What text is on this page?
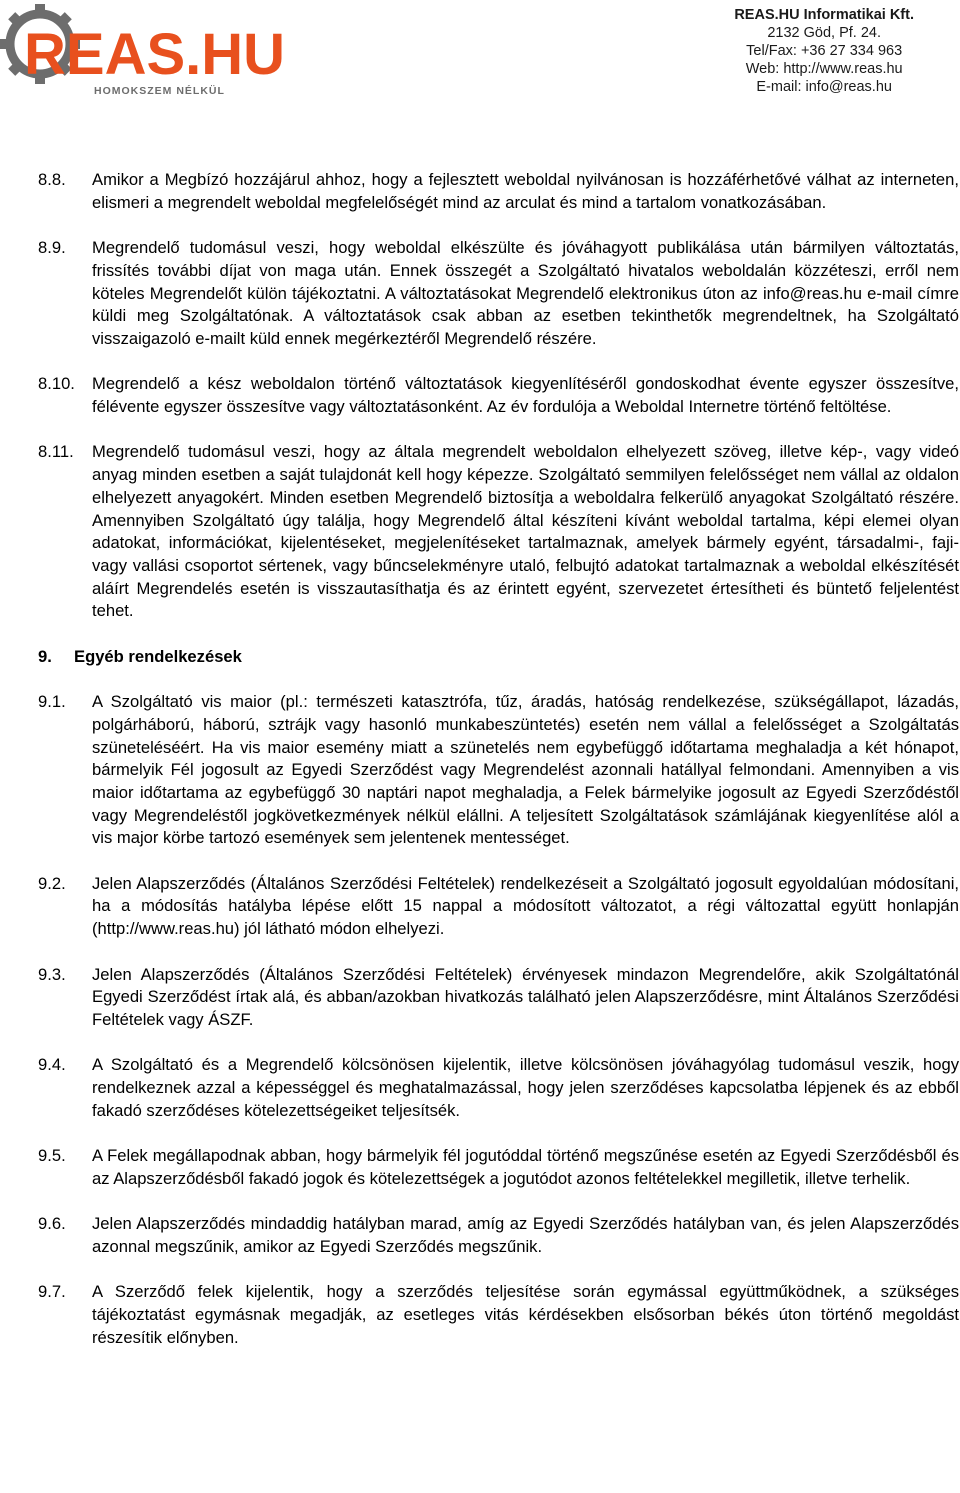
REAS.HU
HOMOKSZEM NÉLKÜL
REAS.HU Informatikai Kft.
2132 Göd, Pf. 24.
Tel/Fax: +36 27 334 963
Web: http://www.reas.hu
E-mail: info@reas.hu
8.8.	Amikor a Megbízó hozzájárul ahhoz, hogy a fejlesztett weboldal nyilvánosan is hozzáférhetővé válhat az interneten, elismeri a megrendelt weboldal megfelelőségét mind az arculat és mind a tartalom vonatkozásában.
8.9.	Megrendelő tudomásul veszi, hogy weboldal elkészülte és jóváhagyott publikálása után bármilyen változtatás, frissítés további díjat von maga után. Ennek összegét a Szolgáltató hivatalos weboldalán közzéteszi, erről nem köteles Megrendelőt külön tájékoztatni. A változtatásokat Megrendelő elektronikus úton az info@reas.hu e-mail címre küldi meg Szolgáltatónak. A változtatások csak abban az esetben tekinthetők megrendeltnek, ha Szolgáltató visszaigazoló e-mailt küld ennek megérkeztéről Megrendelő részére.
8.10.	Megrendelő a kész weboldalon történő változtatások kiegyenlítéséről gondoskodhat évente egyszer összesítve, félévente egyszer összesítve vagy változtatásonként. Az év fordulója a Weboldal Internetre történő feltöltése.
8.11.	Megrendelő tudomásul veszi, hogy az általa megrendelt weboldalon elhelyezett szöveg, illetve kép-, vagy videó anyag minden esetben a saját tulajdonát kell hogy képezze. Szolgáltató semmilyen felelősséget nem vállal az oldalon elhelyezett anyagokért. Minden esetben Megrendelő biztosítja a weboldalra felkerülő anyagokat Szolgáltató részére. Amennyiben Szolgáltató úgy találja, hogy Megrendelő által készíteni kívánt weboldal tartalma, képi elemei olyan adatokat, információkat, kijelentéseket, megjelenítéseket tartalmaznak, amelyek bármely egyént, társadalmi-, faji- vagy vallási csoportot sértenek, vagy bűncselekményre utaló, felbujtó adatokat tartalmaznak a weboldal elkészítését aláírt Megrendelés esetén is visszautasíthatja és az érintett egyént, szervezetet értesítheti és büntető feljelentést tehet.
9.	Egyéb rendelkezések
9.1.	A Szolgáltató vis maior (pl.: természeti katasztrófa, tűz, áradás, hatóság rendelkezése, szükségállapot, lázadás, polgárháború, háború, sztrájk vagy hasonló munkabeszüntetés) esetén nem vállal a felelősséget a Szolgáltatás szüneteléséért. Ha vis maior esemény miatt a szünetelés nem egybefüggő időtartama meghaladja a két hónapot, bármelyik Fél jogosult az Egyedi Szerződést vagy Megrendelést azonnali hatállyal felmondani. Amennyiben a vis maior időtartama az egybefüggő 30 naptári napot meghaladja, a Felek bármelyike jogosult az Egyedi Szerződéstől vagy Megrendeléstől jogkövetkezmények nélkül elállni. A teljesített Szolgáltatások számlájának kiegyenlítése alól a vis major körbe tartozó események sem jelentenek mentességet.
9.2.	Jelen Alapszerződés (Általános Szerződési Feltételek) rendelkezéseit a Szolgáltató jogosult egyoldalúan módosítani, ha a módosítás hatályba lépése előtt 15 nappal a módosított változatot, a régi változattal együtt honlapján (http://www.reas.hu) jól látható módon elhelyezi.
9.3.	Jelen Alapszerződés (Általános Szerződési Feltételek) érvényesek mindazon Megrendelőre, akik Szolgáltatónál Egyedi Szerződést írtak alá, és abban/azokban hivatkozás található jelen Alapszerződésre, mint Általános Szerződési Feltételek vagy ÁSZF.
9.4.	A Szolgáltató és a Megrendelő kölcsönösen kijelentik, illetve kölcsönösen jóváhagyólag tudomásul veszik, hogy rendelkeznek azzal a képességgel és meghatalmazással, hogy jelen szerződéses kapcsolatba lépjenek és az ebből fakadó szerződéses kötelezettségeiket teljesítsék.
9.5.	A Felek megállapodnak abban, hogy bármelyik fél jogutóddal történő megszűnése esetén az Egyedi Szerződésből és az Alapszerződésből fakadó jogok és kötelezettségek a jogutódot azonos feltételekkel megilletik, illetve terhelik.
9.6.	Jelen Alapszerződés mindaddig hatályban marad, amíg az Egyedi Szerződés hatályban van, és jelen Alapszerződés azonnal megszűnik, amikor az Egyedi Szerződés megszűnik.
9.7.	A Szerződő felek kijelentik, hogy a szerződés teljesítése során egymással együttműködnek, a szükséges tájékoztatást egymásnak megadják, az esetleges vitás kérdésekben elsősorban békés úton történő megoldást részesítik előnyben.
